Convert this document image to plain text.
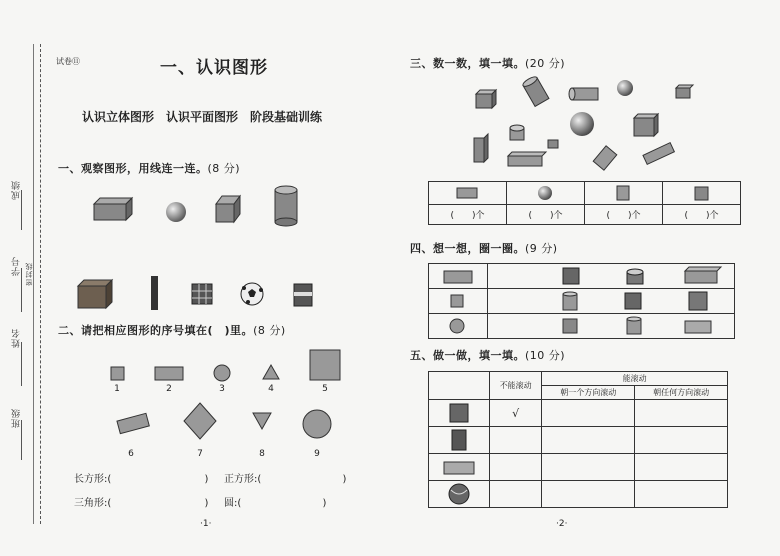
成绩
学号 密封线
姓名
班级
试卷⑪	一、认识图形
认识立体图形　认识平面图形　阶段基础训练
一、观察图形，用线连一连。(8 分)
二、请把相应图形的序号填在(　)里。(8 分)
1	2	3	4	5
6	7	8	9
长方形:(	) 正方形:(	)
三角形:(	) 圆:(	)
·1·
三、数一数，填一填。(20 分)

(　　)个	(　　)个	(　　)个	(　　)个
四、想一想，圈一圈。(9 分)

五、做一做，填一填。(10 分)
	不能滚动	能滚动	
		朝一个方向滚动	朝任何方向滚动

	√		

·2·
